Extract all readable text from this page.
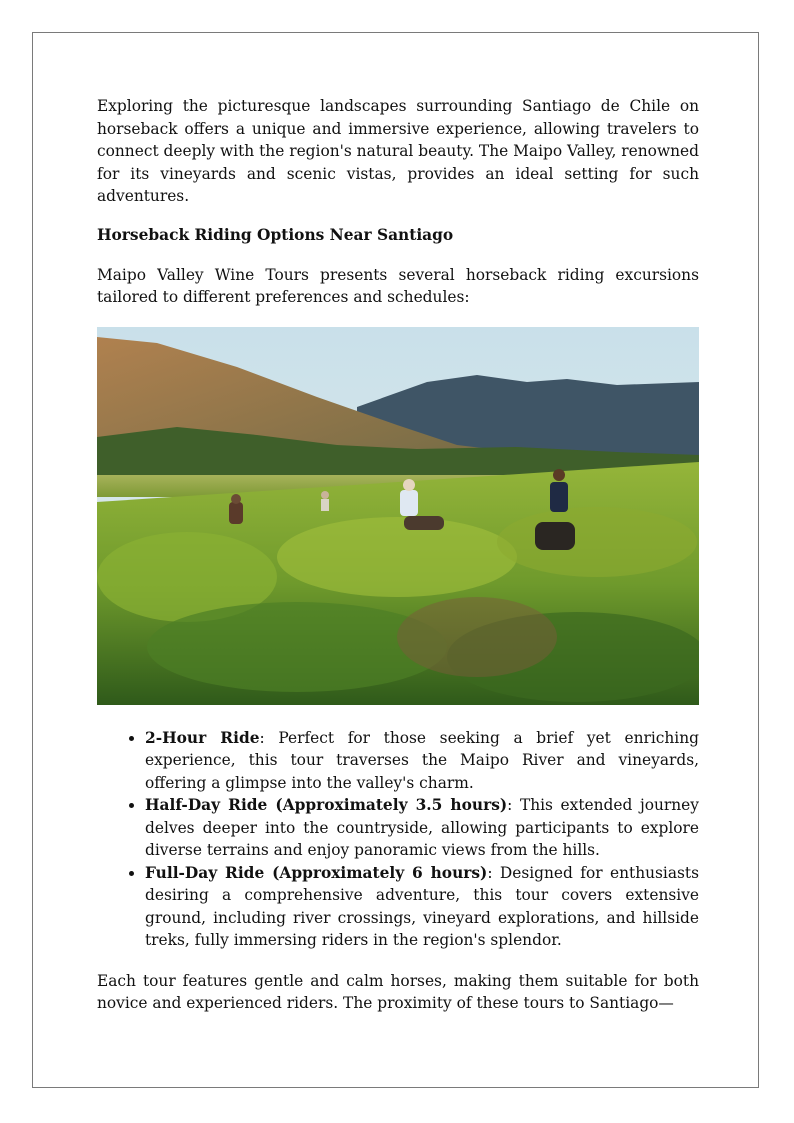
Exploring the picturesque landscapes surrounding Santiago de Chile on horseback offers a unique and immersive experience, allowing travelers to connect deeply with the region's natural beauty. The Maipo Valley, renowned for its vineyards and scenic vistas, provides an ideal setting for such adventures.

Horseback Riding Options Near Santiago

Maipo Valley Wine Tours presents several horseback riding excursions tailored to different preferences and schedules:

• 2-Hour Ride: Perfect for those seeking a brief yet enriching experience, this tour traverses the Maipo River and vineyards, offering a glimpse into the valley's charm.
• Half-Day Ride (Approximately 3.5 hours): This extended journey delves deeper into the countryside, allowing participants to explore diverse terrains and enjoy panoramic views from the hills.
• Full-Day Ride (Approximately 6 hours): Designed for enthusiasts desiring a comprehensive adventure, this tour covers extensive ground, including river crossings, vineyard explorations, and hillside treks, fully immersing riders in the region's splendor.

Each tour features gentle and calm horses, making them suitable for both novice and experienced riders. The proximity of these tours to Santiago—
